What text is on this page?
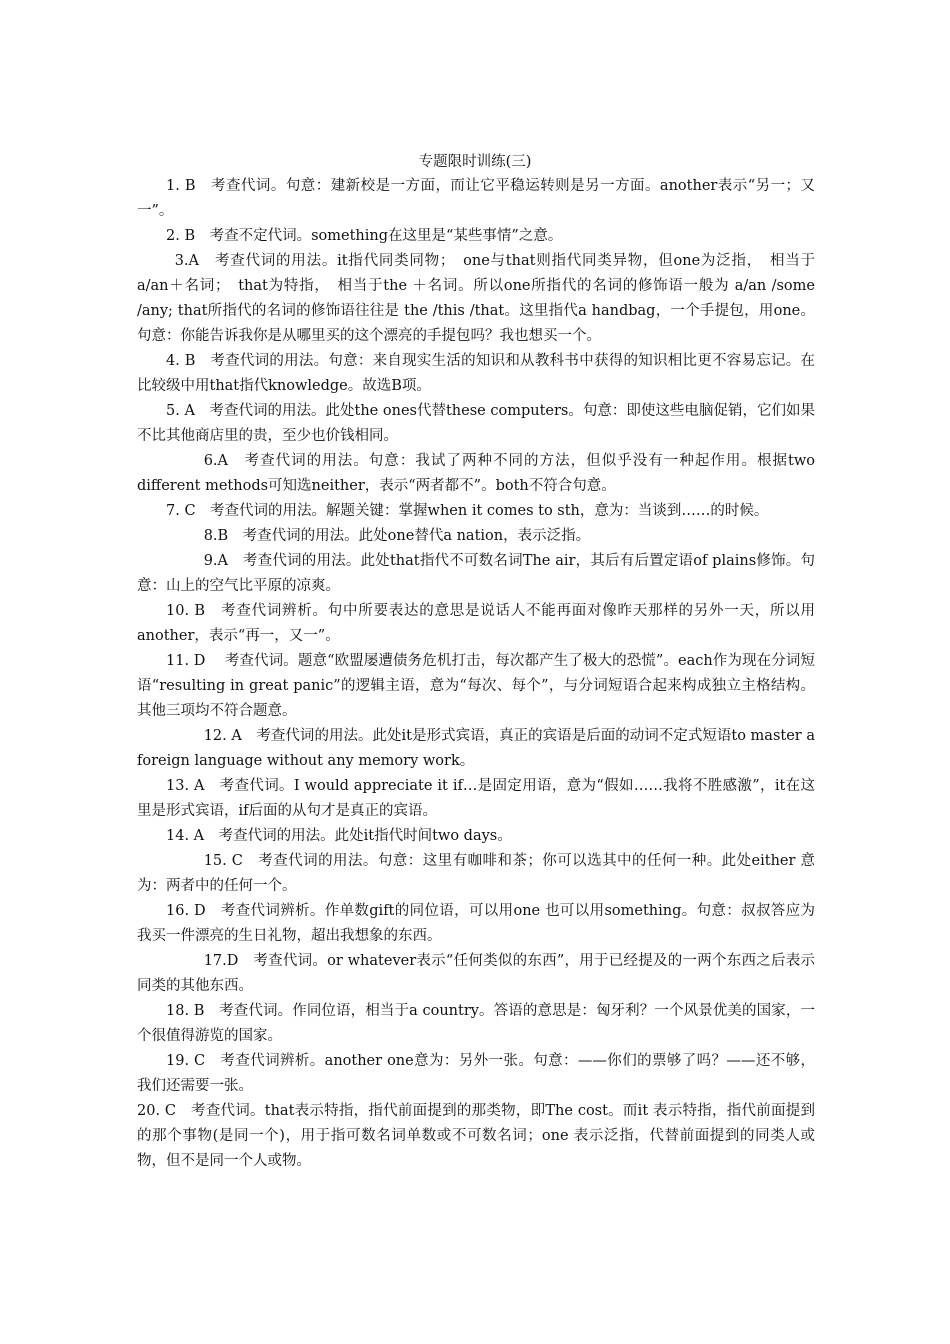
专题限时训练(三)

1. B　考查代词。句意：建新校是一方面，而让它平稳运转则是另一方面。another表示“另一；又一”。

2. B　考查不定代词。something在这里是“某些事情”之意。

3.A　考查代词的用法。it指代同类同物；　one与that则指代同类异物，但one为泛指，　相当于a/an＋名词；　that为特指，　相当于the ＋名词。所以one所指代的名词的修饰语一般为 a/an /some /any; that所指代的名词的修饰语往往是 the /this /that。这里指代a handbag，一个手提包，用one。句意：你能告诉我你是从哪里买的这个漂亮的手提包吗？我也想买一个。

4. B　考查代词的用法。句意：来自现实生活的知识和从教科书中获得的知识相比更不容易忘记。在比较级中用that指代knowledge。故选B项。

5. A　考查代词的用法。此处the ones代替these computers。句意：即使这些电脑促销，它们如果不比其他商店里的贵，至少也价钱相同。

6.A　考查代词的用法。句意：我试了两种不同的方法，但似乎没有一种起作用。根据two different methods可知选neither，表示“两者都不”。both不符合句意。

7. C　考查代词的用法。解题关键：掌握when it comes to sth，意为：当谈到……的时候。

8.B　考查代词的用法。此处one替代a nation，表示泛指。

9.A　考查代词的用法。此处that指代不可数名词The air，其后有后置定语of plains修饰。句意：山上的空气比平原的凉爽。

10. B　考查代词辨析。句中所要表达的意思是说话人不能再面对像昨天那样的另外一天，所以用another，表示“再一，又一”。

11. D　 考查代词。题意“欧盟屡遭债务危机打击，每次都产生了极大的恐慌”。each作为现在分词短语“resulting in great panic”的逻辑主语，意为“每次、每个”，与分词短语合起来构成独立主格结构。其他三项均不符合题意。

12. A　考查代词的用法。此处it是形式宾语，真正的宾语是后面的动词不定式短语to master a foreign language without any memory work。

13. A　考查代词。I would appreciate it if…是固定用语，意为“假如……我将不胜感激”，it在这里是形式宾语，if后面的从句才是真正的宾语。

14. A　考查代词的用法。此处it指代时间two days。

15. C　考查代词的用法。句意：这里有咖啡和茶；你可以选其中的任何一种。此处either 意为：两者中的任何一个。

16. D　考查代词辨析。作单数gift的同位语，可以用one 也可以用something。句意：叔叔答应为我买一件漂亮的生日礼物，超出我想象的东西。

17.D　考查代词。or whatever表示“任何类似的东西”，用于已经提及的一两个东西之后表示同类的其他东西。

18. B　考查代词。作同位语，相当于a country。答语的意思是：匈牙利？一个风景优美的国家，一个很值得游览的国家。

19. C　考查代词辨析。another one意为：另外一张。句意：——你们的票够了吗？——还不够，我们还需要一张。

20. C　考查代词。that表示特指，指代前面提到的那类物，即The cost。而it 表示特指，指代前面提到的那个事物(是同一个)，用于指可数名词单数或不可数名词；one 表示泛指，代替前面提到的同类人或物，但不是同一个人或物。
